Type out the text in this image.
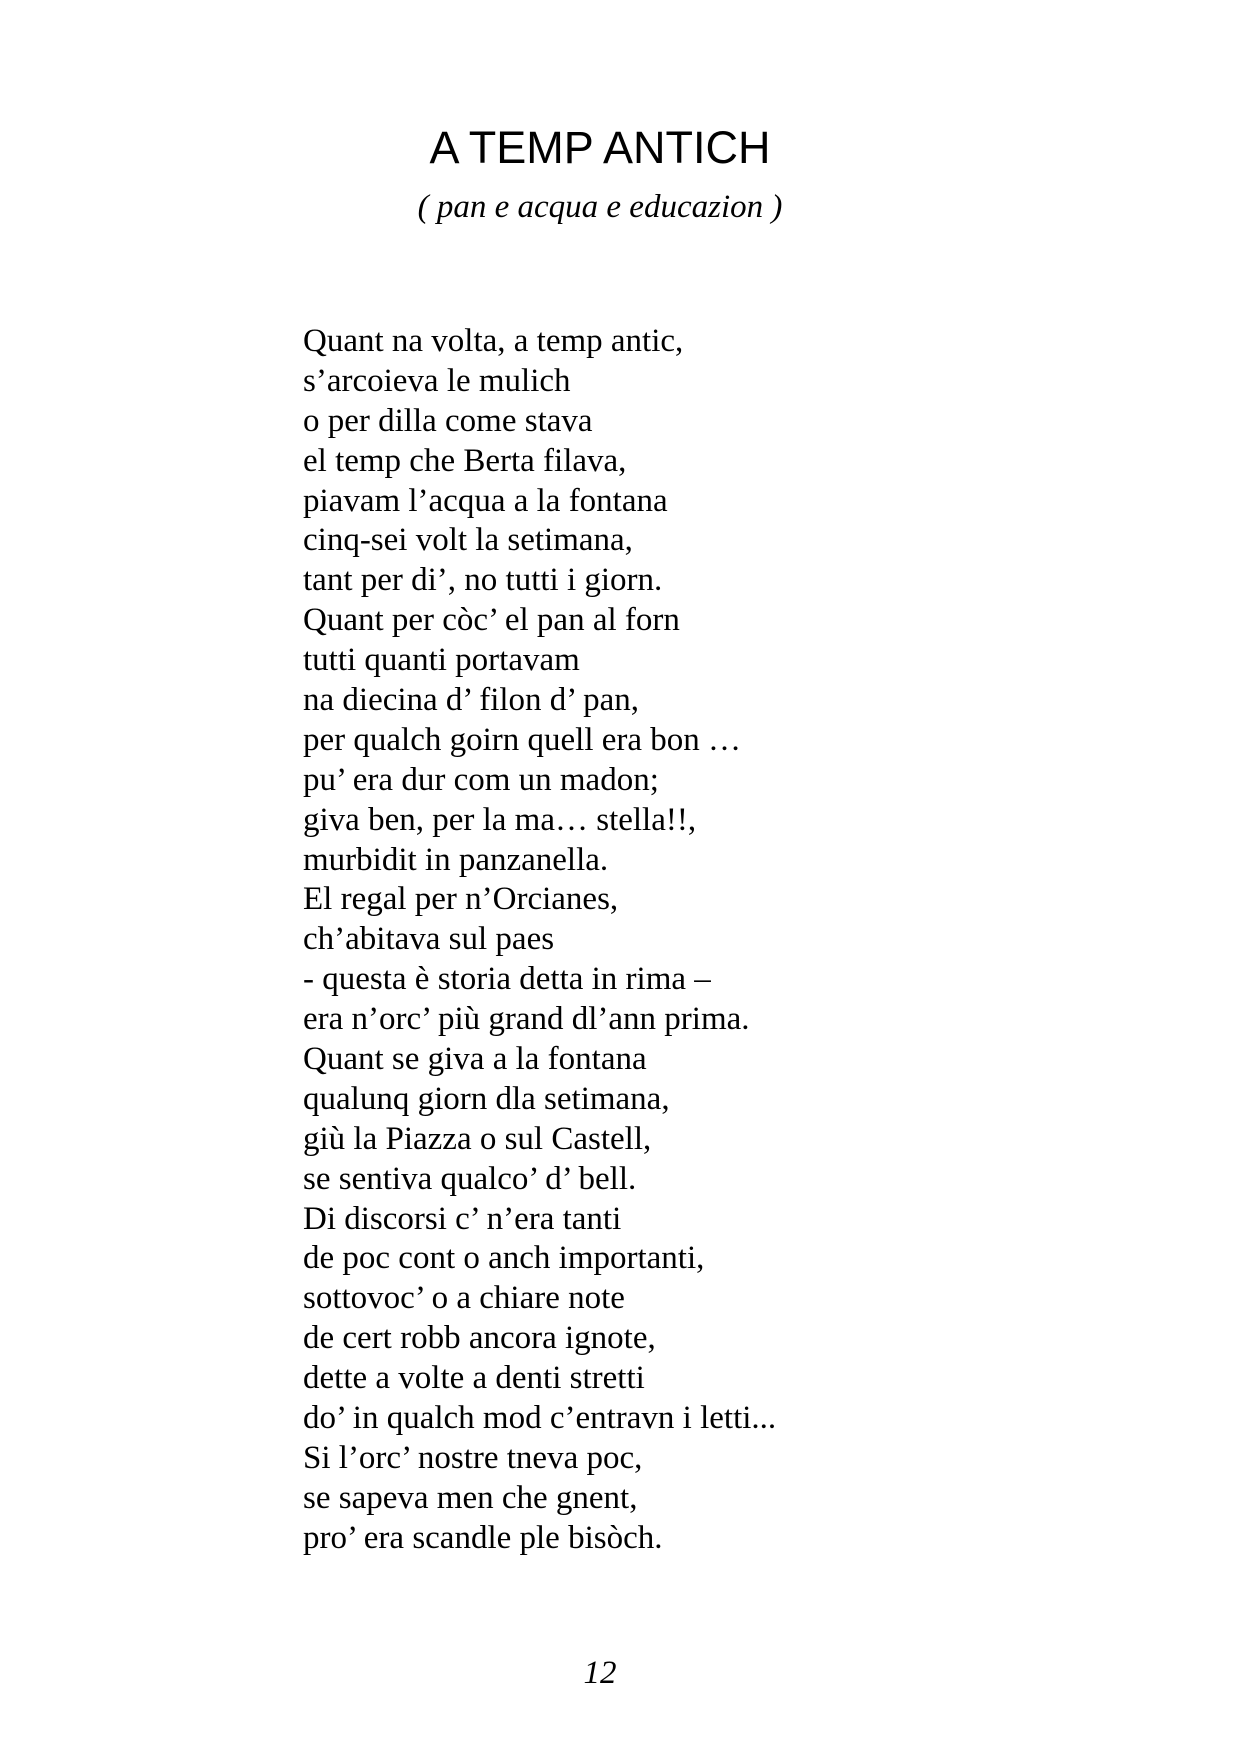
A TEMP ANTICH

( pan e acqua e educazion )

Quant na volta, a temp antic,
s’arcoieva le mulich
o per dilla come stava
el temp che Berta filava,
piavam l’acqua a la fontana
cinq-sei volt la setimana,
tant per di’, no tutti i giorn.
Quant per còc’ el pan al forn
tutti quanti portavam
na diecina d’ filon d’ pan,
per qualch goirn quell era bon …
pu’ era dur com un madon;
giva ben, per la ma… stella!!,
murbidit in panzanella.
El regal per n’Orcianes,
ch’abitava sul paes
- questa è storia detta in rima –
era n’orc’ più grand dl’ann prima.
Quant se giva a la fontana
qualunq giorn dla setimana,
giù la Piazza o sul Castell,
se sentiva qualco’ d’ bell.
Di discorsi c’ n’era tanti
de poc cont o anch importanti,
sottovoc’ o a chiare note
de cert robb ancora ignote,
dette a volte a denti stretti
do’ in qualch mod c’entravn i letti...
Si l’orc’ nostre tneva poc,
se sapeva men che gnent,
pro’ era scandle ple bisòch.

12
